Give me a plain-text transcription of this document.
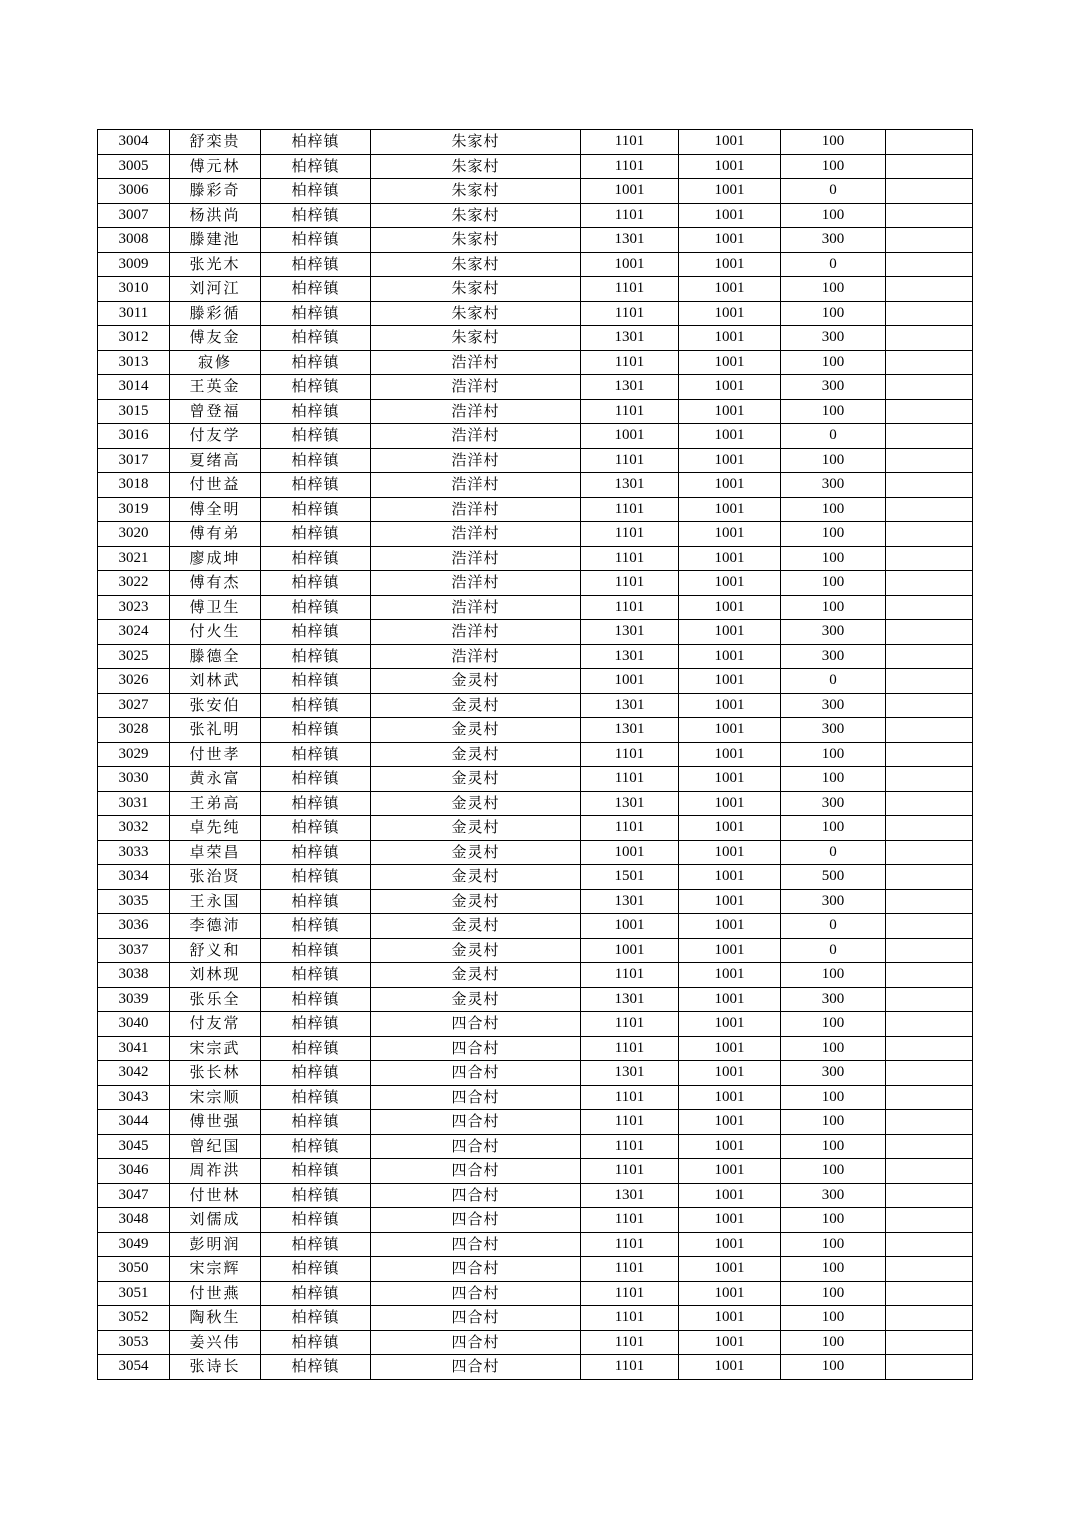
3004	舒栾贵	柏梓镇	朱家村	1101	1001	100	
3005	傅元林	柏梓镇	朱家村	1101	1001	100	
3006	滕彩奇	柏梓镇	朱家村	1001	1001	0	
3007	杨洪尚	柏梓镇	朱家村	1101	1001	100	
3008	滕建池	柏梓镇	朱家村	1301	1001	300	
3009	张光木	柏梓镇	朱家村	1001	1001	0	
3010	刘河江	柏梓镇	朱家村	1101	1001	100	
3011	滕彩循	柏梓镇	朱家村	1101	1001	100	
3012	傅友金	柏梓镇	朱家村	1301	1001	300	
3013	寂修	柏梓镇	浩洋村	1101	1001	100	
3014	王英金	柏梓镇	浩洋村	1301	1001	300	
3015	曾登福	柏梓镇	浩洋村	1101	1001	100	
3016	付友学	柏梓镇	浩洋村	1001	1001	0	
3017	夏绪高	柏梓镇	浩洋村	1101	1001	100	
3018	付世益	柏梓镇	浩洋村	1301	1001	300	
3019	傅全明	柏梓镇	浩洋村	1101	1001	100	
3020	傅有弟	柏梓镇	浩洋村	1101	1001	100	
3021	廖成坤	柏梓镇	浩洋村	1101	1001	100	
3022	傅有杰	柏梓镇	浩洋村	1101	1001	100	
3023	傅卫生	柏梓镇	浩洋村	1101	1001	100	
3024	付火生	柏梓镇	浩洋村	1301	1001	300	
3025	滕德全	柏梓镇	浩洋村	1301	1001	300	
3026	刘林武	柏梓镇	金灵村	1001	1001	0	
3027	张安伯	柏梓镇	金灵村	1301	1001	300	
3028	张礼明	柏梓镇	金灵村	1301	1001	300	
3029	付世孝	柏梓镇	金灵村	1101	1001	100	
3030	黄永富	柏梓镇	金灵村	1101	1001	100	
3031	王弟高	柏梓镇	金灵村	1301	1001	300	
3032	卓先纯	柏梓镇	金灵村	1101	1001	100	
3033	卓荣昌	柏梓镇	金灵村	1001	1001	0	
3034	张治贤	柏梓镇	金灵村	1501	1001	500	
3035	王永国	柏梓镇	金灵村	1301	1001	300	
3036	李德沛	柏梓镇	金灵村	1001	1001	0	
3037	舒义和	柏梓镇	金灵村	1001	1001	0	
3038	刘林现	柏梓镇	金灵村	1101	1001	100	
3039	张乐全	柏梓镇	金灵村	1301	1001	300	
3040	付友常	柏梓镇	四合村	1101	1001	100	
3041	宋宗武	柏梓镇	四合村	1101	1001	100	
3042	张长林	柏梓镇	四合村	1301	1001	300	
3043	宋宗顺	柏梓镇	四合村	1101	1001	100	
3044	傅世强	柏梓镇	四合村	1101	1001	100	
3045	曾纪国	柏梓镇	四合村	1101	1001	100	
3046	周祚洪	柏梓镇	四合村	1101	1001	100	
3047	付世林	柏梓镇	四合村	1301	1001	300	
3048	刘儒成	柏梓镇	四合村	1101	1001	100	
3049	彭明润	柏梓镇	四合村	1101	1001	100	
3050	宋宗辉	柏梓镇	四合村	1101	1001	100	
3051	付世燕	柏梓镇	四合村	1101	1001	100	
3052	陶秋生	柏梓镇	四合村	1101	1001	100	
3053	姜兴伟	柏梓镇	四合村	1101	1001	100	
3054	张诗长	柏梓镇	四合村	1101	1001	100	
